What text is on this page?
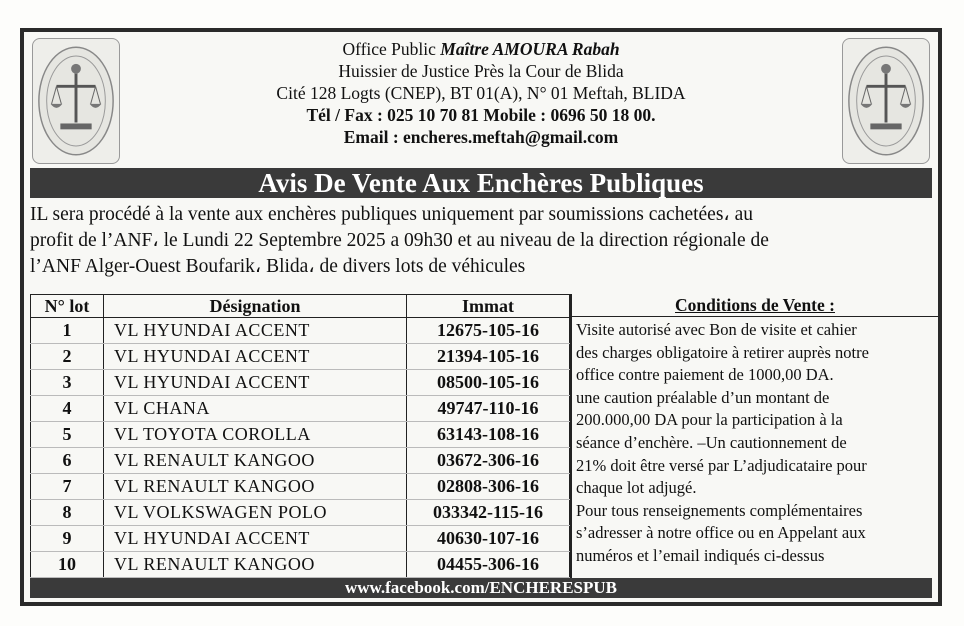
Office Public Maître AMOURA Rabah
Huissier de Justice Près la Cour de Blida
Cité 128 Logts (CNEP), BT 01(A), N° 01 Meftah, BLIDA
Tél / Fax : 025 10 70 81 Mobile : 0696 50 18 00.
Email : encheres.meftah@gmail.com
Avis De Vente Aux Enchères Publiques
IL sera procédé à la vente aux enchères publiques uniquement par soumissions cachetées، au
profit de l’ANF، le Lundi 22 Septembre 2025 a 09h30 et au niveau de la direction régionale de
l’ANF Alger-Ouest Boufarik، Blida، de divers lots de véhicules
N° lot	Désignation	Immat
1	VL HYUNDAI ACCENT	12675-105-16
2	VL HYUNDAI ACCENT	21394-105-16
3	VL HYUNDAI ACCENT	08500-105-16
4	VL CHANA	49747-110-16
5	VL TOYOTA COROLLA	63143-108-16
6	VL RENAULT KANGOO	03672-306-16
7	VL RENAULT KANGOO	02808-306-16
8	VL VOLKSWAGEN POLO	033342-115-16
9	VL HYUNDAI ACCENT	40630-107-16
10	VL RENAULT KANGOO	04455-306-16
Conditions de Vente :
Visite autorisé avec Bon de visite et cahier
des charges obligatoire à retirer auprès notre
office contre paiement de 1000,00 DA.
une caution préalable d’un montant de
200.000,00 DA pour la participation à la
séance d’enchère. –Un cautionnement de
21% doit être versé par L’adjudicataire pour
chaque lot adjugé.
Pour tous renseignements complémentaires
s’adresser à notre office ou en Appelant aux
numéros et l’email indiqués ci-dessus
www.facebook.com/ENCHERESPUB
